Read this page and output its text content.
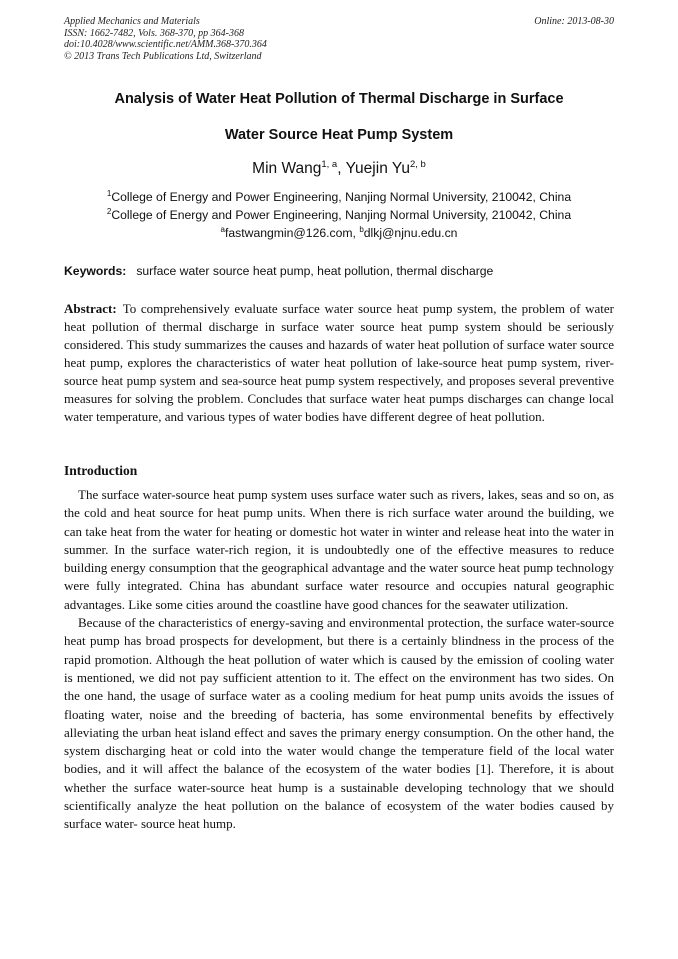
Applied Mechanics and Materials
ISSN: 1662-7482, Vols. 368-370, pp 364-368
doi:10.4028/www.scientific.net/AMM.368-370.364
© 2013 Trans Tech Publications Ltd, Switzerland
Online: 2013-08-30
Analysis of Water Heat Pollution of Thermal Discharge in Surface
Water Source Heat Pump System
Min Wang$^{1, a}$, Yuejin Yu$^{2, b}$
$^1$College of Energy and Power Engineering, Nanjing Normal University, 210042, China
$^2$College of Energy and Power Engineering, Nanjing Normal University, 210042, China
$^a$fastwangmin@126.com, $^b$dlkj@njnu.edu.cn
Keywords: surface water source heat pump, heat pollution, thermal discharge
Abstract: To comprehensively evaluate surface water source heat pump system, the problem of water heat pollution of thermal discharge in surface water source heat pump system should be seriously considered. This study summarizes the causes and hazards of water heat pollution of surface water source heat pump, explores the characteristics of water heat pollution of lake-source heat pump system, river-source heat pump system and sea-source heat pump system respectively, and proposes several preventive measures for solving the problem. Concludes that surface water heat pumps discharges can change local water temperature, and various types of water bodies have different degree of heat pollution.
Introduction

The surface water-source heat pump system uses surface water such as rivers, lakes, seas and so on, as the cold and heat source for heat pump units. When there is rich surface water around the building, we can take heat from the water for heating or domestic hot water in winter and release heat into the water in summer. In the surface water-rich region, it is undoubtedly one of the effective measures to reduce building energy consumption that the geographical advantage and the water source heat pump technology were fully integrated. China has abundant surface water resource and occupies natural geographic advantages. Like some cities around the coastline have good chances for the seawater utilization.

Because of the characteristics of energy-saving and environmental protection, the surface water-source heat pump has broad prospects for development, but there is a certainly blindness in the process of the rapid promotion. Although the heat pollution of water which is caused by the emission of cooling water is mentioned, we did not pay sufficient attention to it. The effect on the environment has two sides. On the one hand, the usage of surface water as a cooling medium for heat pump units avoids the issues of floating water, noise and the breeding of bacteria, has some environmental benefits by effectively alleviating the urban heat island effect and saves the primary energy consumption. On the other hand, the system discharging heat or cold into the water would change the temperature field of the local water bodies, and it will affect the balance of the ecosystem of the water bodies [1]. Therefore, it is about whether the surface water-source heat hump is a sustainable developing technology that we should scientifically analyze the heat pollution on the balance of ecosystem of the water bodies caused by surface water- source heat hump.
